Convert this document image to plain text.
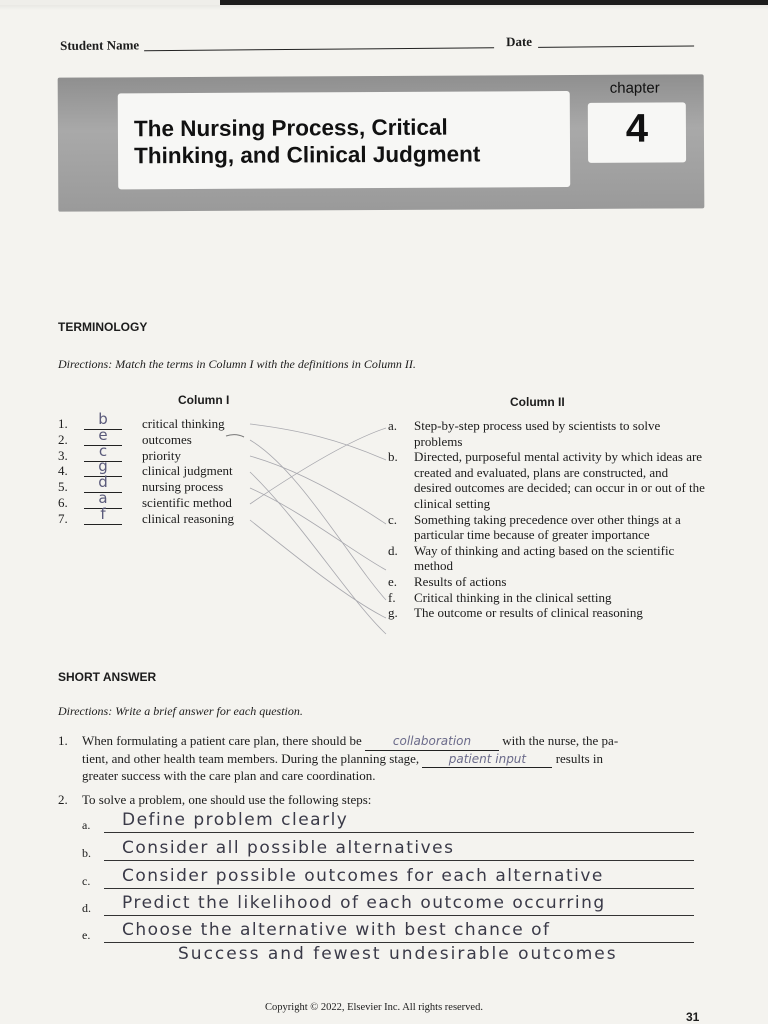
Student Name	Date
The Nursing Process, Critical
Thinking, and Clinical Judgment
chapter
4
TERMINOLOGY
Directions: Match the terms in Column I with the definitions in Column II.
Column I	Column II
1.	b	critical thinking
2.	e	outcomes
3.	c	priority
4.	g	clinical judgment
5.	d	nursing process
6.	a	scientific method
7.	f	clinical reasoning
a. Step-by-step process used by scientists to solve problems
b. Directed, purposeful mental activity by which ideas are created and evaluated, plans are constructed, and desired outcomes are decided; can occur in or out of the clinical setting
c. Something taking precedence over other things at a particular time because of greater importance
d. Way of thinking and acting based on the scientific method
e. Results of actions
f. Critical thinking in the clinical setting
g. The outcome or results of clinical reasoning
SHORT ANSWER
Directions: Write a brief answer for each question.
1. When formulating a patient care plan, there should be	collaboration with the nurse, the pa-
tient, and other health team members. During the planning stage, patient input results in
greater success with the care plan and care coordination.
2. To solve a problem, one should use the following steps:
a. Define problem clearly
b. Consider all possible alternatives
c. Consider possible outcomes for each alternative
d. Predict the likelihood of each outcome occurring
e. Choose the alternative with best chance of
Success and fewest undesirable outcomes
Copyright © 2022, Elsevier Inc. All rights reserved.
31
